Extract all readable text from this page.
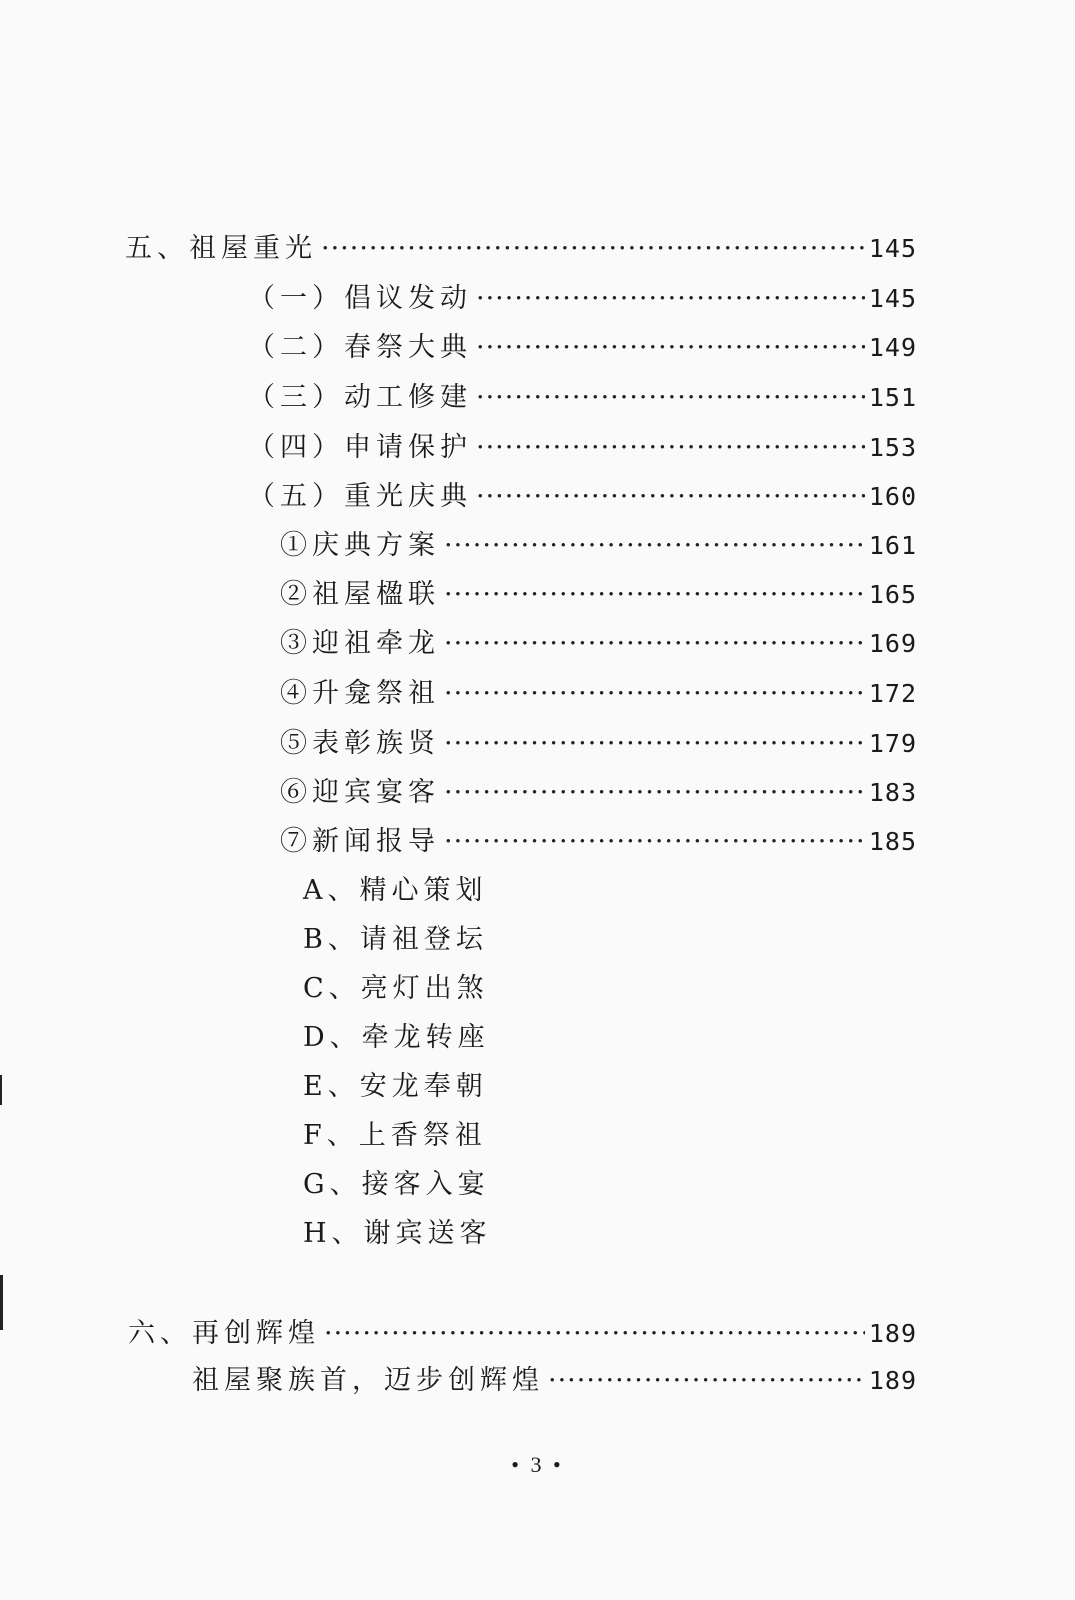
五、祖屋重光 ·····	145
（一）倡议发动 ·····	145
（二）春祭大典 ·····	149
（三）动工修建 ·····	151
（四）申请保护 ·····	153
（五）重光庆典 ·····	160
①庆典方案 ·····	161
②祖屋楹联 ·····	165
③迎祖牵龙 ·····	169
④升龛祭祖 ·····	172
⑤表彰族贤 ·····	179
⑥迎宾宴客 ·····	183
⑦新闻报导 ·····	185
A、精心策划
B、请祖登坛
C、亮灯出煞
D、牵龙转座
E、安龙奉朝
F、上香祭祖
G、接客入宴
H、谢宾送客
六、再创辉煌 ·····	189
祖屋聚族首，迈步创辉煌 ·····	189
• 3 •
